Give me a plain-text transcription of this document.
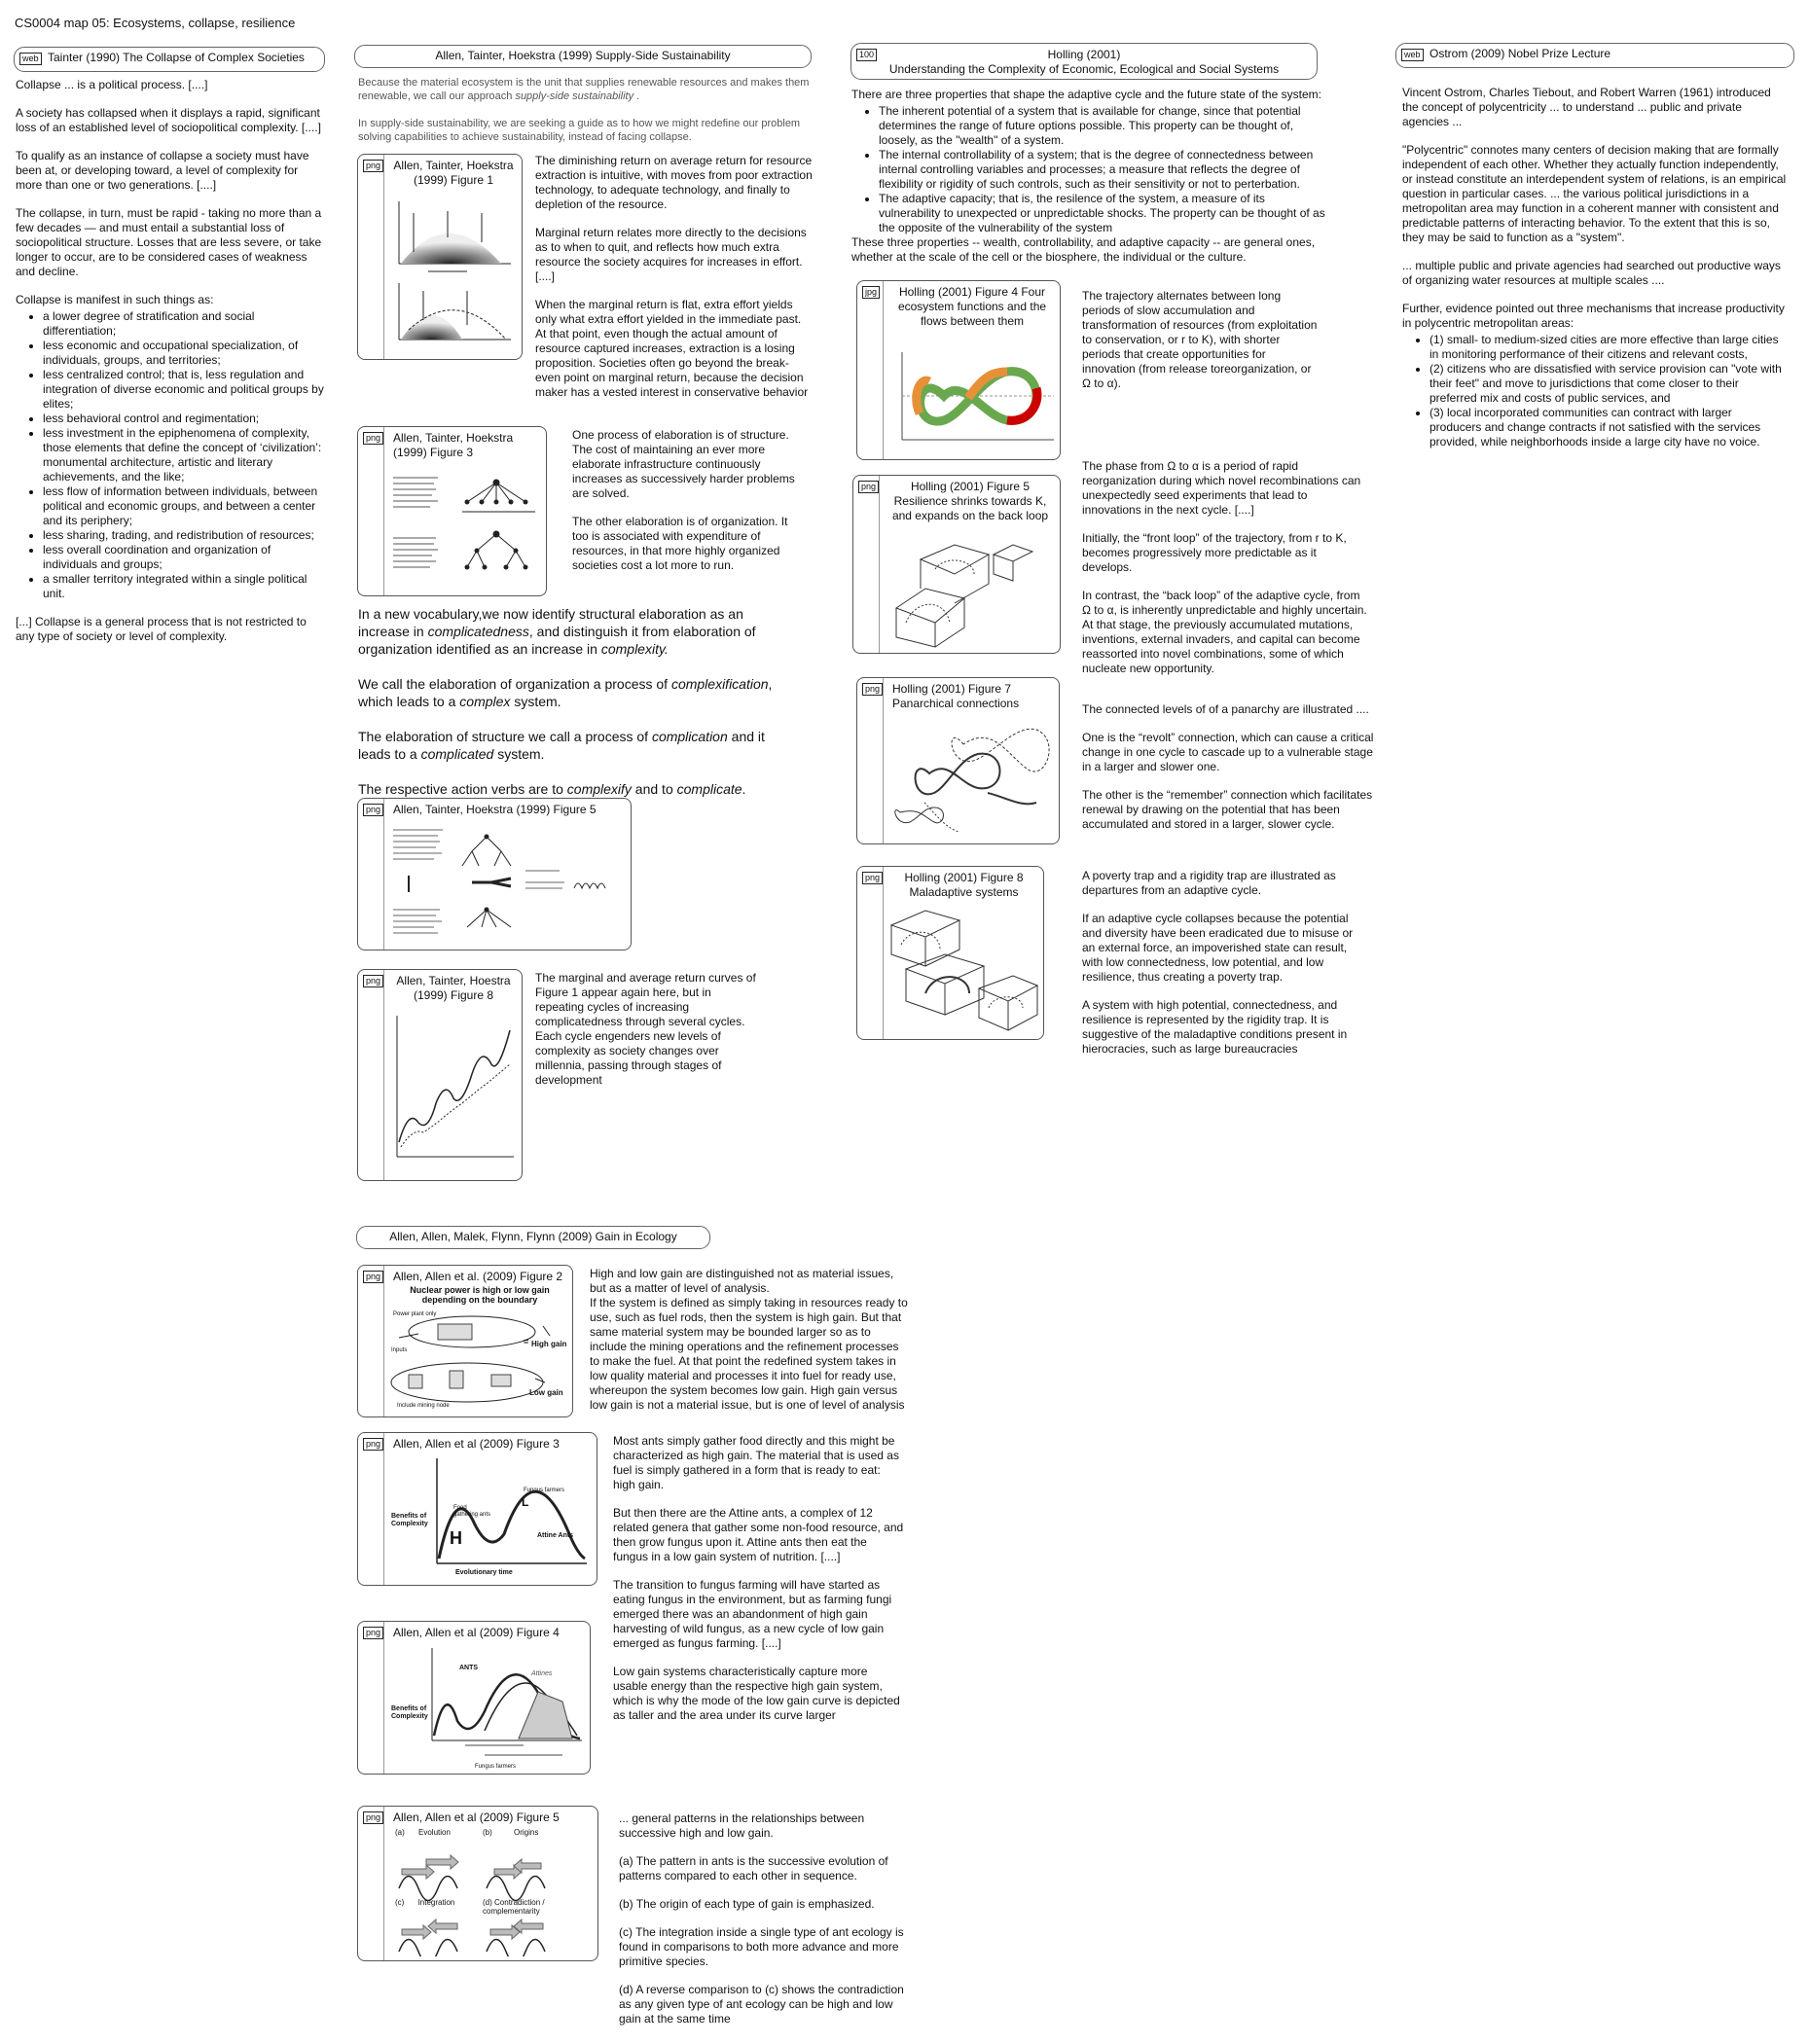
CS0004 map 05: Ecosystems, collapse, resilience
web Tainter (1990) The Collapse of Complex Societies

Collapse ... is a political process. [....]

A society has collapsed when it displays a rapid, significant loss of an established level of sociopolitical complexity. [....]

To qualify as an instance of collapse a society must have been at, or developing toward, a level of complexity for more than one or two generations. [....]

The collapse, in turn, must be rapid - taking no more than a few decades — and must entail a substantial loss of sociopolitical structure. Losses that are less severe, or take longer to occur, are to be considered cases of weakness and decline.

Collapse is manifest in such things as:

• a lower degree of stratification and social differentiation;
• less economic and occupational specialization, of individuals, groups, and territories;
• less centralized control; that is, less regulation and integration of diverse economic and political groups by elites;
• less behavioral control and regimentation;
• less investment in the epiphenomena of complexity, those elements that define the concept of ‘civilization’: monumental architecture, artistic and literary achievements, and the like;
• less flow of information between individuals, between political and economic groups, and between a center and its periphery;
• less sharing, trading, and redistribution of resources;
• less overall coordination and organization of individuals and groups;
• a smaller territory integrated within a single political unit.

[...] Collapse is a general process that is not restricted to any type of society or level of complexity.

Allen, Tainter, Hoekstra (1999) Supply-Side Sustainability

Because the material ecosystem is the unit that supplies renewable resources and makes them renewable, we call our approach supply-side sustainability .

In supply-side sustainability, we are seeking a guide as to how we might redefine our problem solving capabilities to achieve sustainability, instead of facing collapse.

png	Allen, Tainter, Hoekstra (1999) Figure 1

The diminishing return on average return for resource extraction is intuitive, with moves from poor extraction technology, to adequate technology, and finally to depletion of the resource.

Marginal return relates more directly to the decisions as to when to quit, and reflects how much extra resource the society acquires for increases in effort. [....]

When the marginal return is flat, extra effort yields only what extra effort yielded in the immediate past. At that point, even though the actual amount of resource captured increases, extraction is a losing proposition. Societies often go beyond the break-even point on marginal return, because the decision maker has a vested interest in conservative behavior

png	Allen, Tainter, Hoekstra (1999) Figure 3

One process of elaboration is of structure. The cost of maintaining an ever more elaborate infrastructure continuously increases as successively harder problems are solved.

The other elaboration is of organization. It too is associated with expenditure of resources, in that more highly organized societies cost a lot more to run.

In a new vocabulary,we now identify structural elaboration as an increase in complicatedness, and distinguish it from elaboration of organization identified as an increase in complexity.

We call the elaboration of organization a process of complexification, which leads to a complex system.

The elaboration of structure we call a process of complication and it leads to a complicated system.

The respective action verbs are to complexify and to complicate.

png	Allen, Tainter, Hoekstra (1999) Figure 5
png	Allen, Tainter, Hoestra (1999) Figure 8

The marginal and average return curves of Figure 1 appear again here, but in repeating cycles of increasing complicatedness through several cycles. Each cycle engenders new levels of complexity as society changes over millennia, passing through stages of development

Allen, Allen, Malek, Flynn, Flynn (2009) Gain in Ecology
png	Allen, Allen et al. (2009) Figure 2
Nuclear power is high or low gain
depending on the boundary
=
Power plant only
Inputs
High gain
Low gain
Include mining node

High and low gain are distinguished not as material issues, but as a matter of level of analysis.

If the system is defined as simply taking in resources ready to use, such as fuel rods, then the system is high gain. But that same material system may be bounded larger so as to include the mining operations and the refinement processes to make the fuel. At that point the redefined system takes in low quality material and processes it into fuel for ready use, whereupon the system becomes low gain. High gain versus low gain is not a material issue, but is one of level of analysis

png	Allen, Allen et al (2009) Figure 3
Benefits of
Complexity
Food gathering ants
Fungus farmers
Attine Ants
H
L
Evolutionary time

Most ants simply gather food directly and this might be characterized as high gain. The material that is used as fuel is simply gathered in a form that is ready to eat: high gain.

But then there are the Attine ants, a complex of 12 related genera that gather some non-food resource, and then grow fungus upon it. Attine ants then eat the fungus in a low gain system of nutrition. [....]

The transition to fungus farming will have started as eating fungus in the environment, but as farming fungi emerged there was an abandonment of high gain harvesting of wild fungus, as a new cycle of low gain emerged as fungus farming. [....]

Low gain systems characteristically capture more usable energy than the respective high gain system, which is why the mode of the low gain curve is depicted as taller and the area under its curve larger

png	Allen, Allen et al (2009) Figure 4
ANTS
Attines
Benefits of
Complexity
Fungus farmers
png	Allen, Allen et al (2009) Figure 5
(a) Evolution	(b)	Origins
(c) Integration	(d) Contradiction / complementarity

... general patterns in the relationships between successive high and low gain.

(a) The pattern in ants is the successive evolution of patterns compared to each other in sequence.

(b) The origin of each type of gain is emphasized.

(c) The integration inside a single type of ant ecology is found in comparisons to both more advance and more primitive species.

(d) A reverse comparison to (c) shows the contradiction as any given type of ant ecology can be high and low gain at the same time

100	Holling (2001)
Understanding the Complexity of Economic, Ecological and Social Systems

There are three properties that shape the adaptive cycle and the future state of the system:

• The inherent potential of a system that is available for change, since that potential determines the range of future options possible. This property can be thought of, loosely, as the "wealth" of a system.
• The internal controllability of a system; that is the degree of connectedness between internal controlling variables and processes; a measure that reflects the degree of flexibility or rigidity of such controls, such as their sensitivity or not to perterbation.
• The adaptive capacity; that is, the resilence of the system, a measure of its vulnerability to unexpected or unpredictable shocks. The property can be thought of as the opposite of the vulnerability of the system

These three properties -- wealth, controllability, and adaptive capacity -- are general ones, whether at the scale of the cell or the biosphere, the individual or the culture.

jpg	Holling (2001) Figure 4 Four ecosystem functions and the flows between them

The trajectory alternates between long periods of slow accumulation and transformation of resources (from exploitation to conservation, or r to K), with shorter periods that create opportunities for innovation (from release toreorganization, or Ω to α).

png	Holling (2001) Figure 5 Resilience shrinks towards K, and expands on the back loop

The phase from Ω to α is a period of rapid reorganization during which novel recombinations can unexpectedly seed experiments that lead to innovations in the next cycle. [....]

Initially, the “front loop” of the trajectory, from r to K, becomes progressively more predictable as it develops.

In contrast, the “back loop” of the adaptive cycle, from Ω to α, is inherently unpredictable and highly uncertain. At that stage, the previously accumulated mutations, inventions, external invaders, and capital can become reassorted into novel combinations, some of which nucleate new opportunity.

png	Holling (2001) Figure 7 Panarchical connections	The connected levels of of a panarchy are illustrated ....

One is the “revolt” connection, which can cause a critical change in one cycle to cascade up to a vulnerable stage in a larger and slower one.

The other is the “remember” connection which facilitates renewal by drawing on the potential that has been accumulated and stored in a larger, slower cycle.

png	Holling (2001) Figure 8 Maladaptive systems

A poverty trap and a rigidity trap are illustrated as departures from an adaptive cycle.

If an adaptive cycle collapses because the potential and diversity have been eradicated due to misuse or an external force, an impoverished state can result, with low connectedness, low potential, and low resilience, thus creating a poverty trap.

A system with high potential, connectedness, and resilience is represented by the rigidity trap. It is suggestive of the maladaptive conditions present in hierocracies, such as large bureaucracies

web Ostrom (2009) Nobel Prize Lecture

Vincent Ostrom, Charles Tiebout, and Robert Warren (1961) introduced the concept of polycentricity ... to understand ... public and private agencies ...

"Polycentric" connotes many centers of decision making that are formally independent of each other. Whether they actually function independently, or instead constitute an interdependent system of relations, is an empirical question in particular cases. ... the various political jurisdictions in a metropolitan area may function in a coherent manner with consistent and predictable patterns of interacting behavior. To the extent that this is so, they may be said to function as a "system".

... multiple public and private agencies had searched out productive ways of organizing water resources at multiple scales ....

Further, evidence pointed out three mechanisms that increase productivity in polycentric metropolitan areas:

• (1) small- to medium-sized cities are more effective than large cities in monitoring performance of their citizens and relevant costs,
• (2) citizens who are dissatisfied with service provision can "vote with their feet" and move to jurisdictions that come closer to their preferred mix and costs of public services, and
• (3) local incorporated communities can contract with larger producers and change contracts if not satisfied with the services provided, while neighborhoods inside a large city have no voice.
